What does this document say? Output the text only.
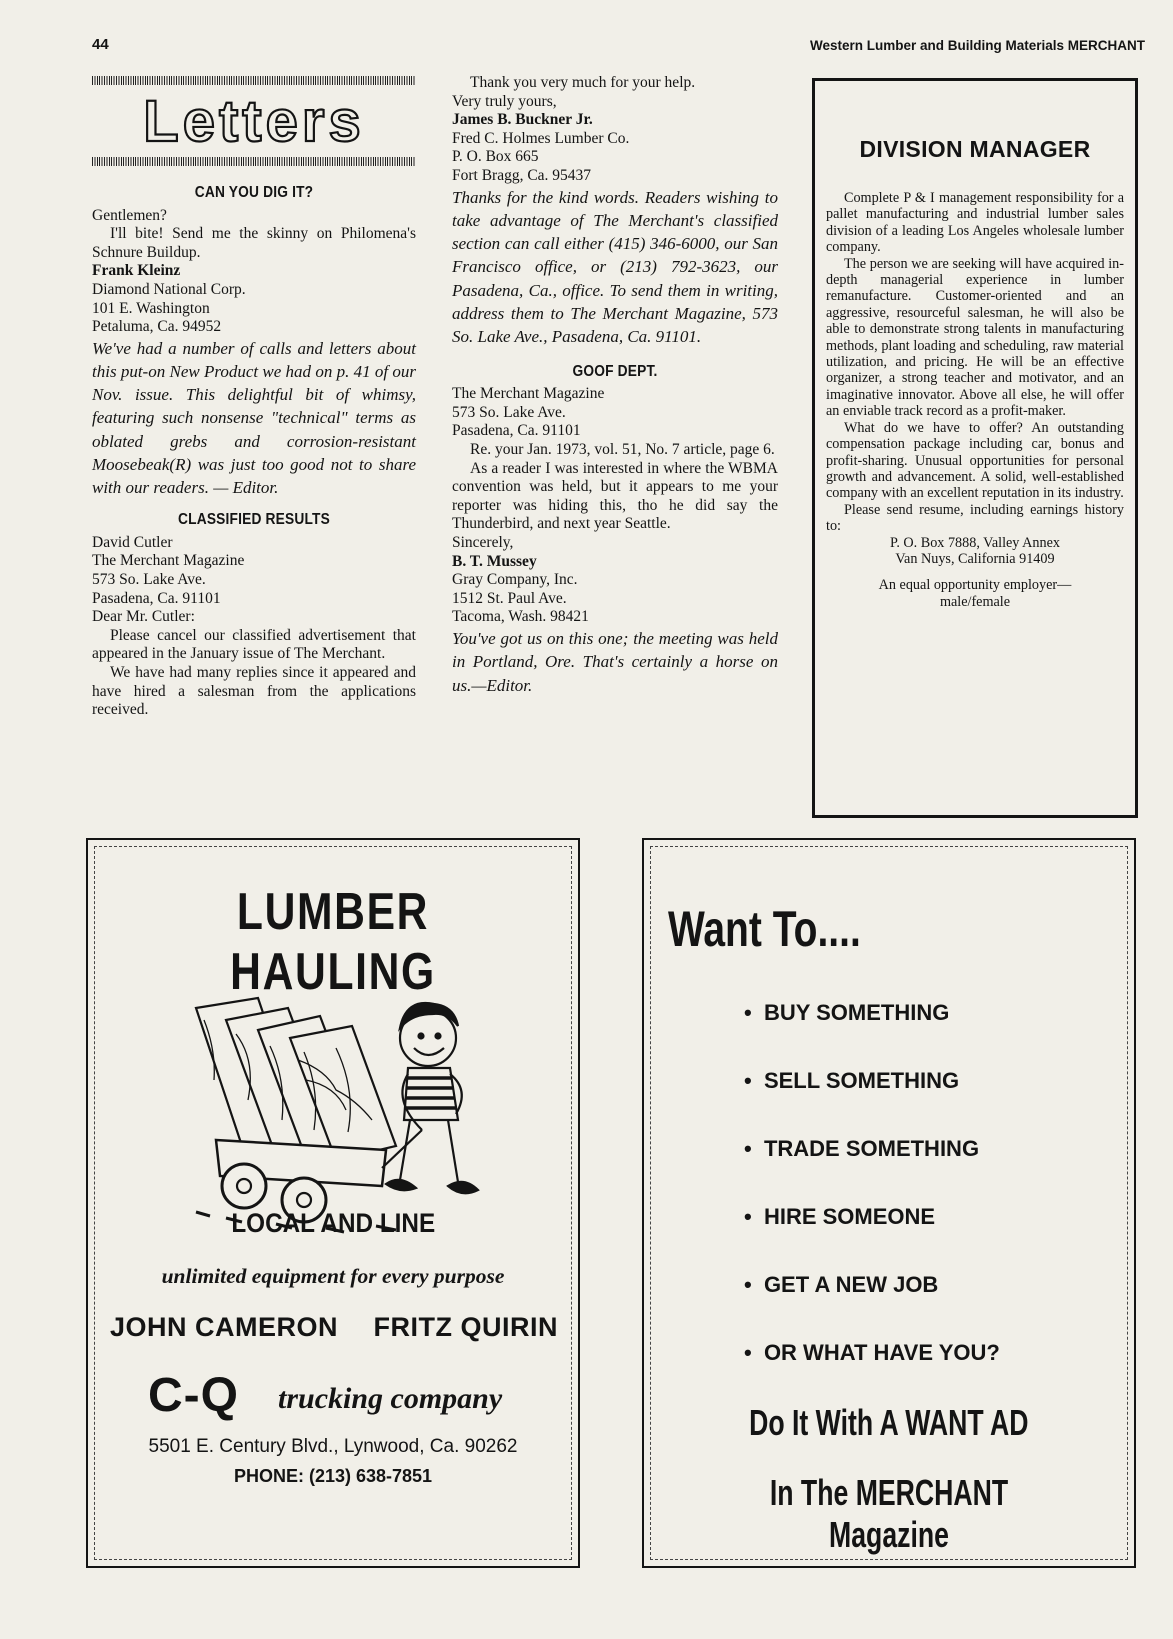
44	Western Lumber and Building Materials MERCHANT
Letters
CAN YOU DIG IT?

Gentlemen?

I'll bite! Send me the skinny on Philomena's Schnure Buildup.

Frank Kleinz

Diamond National Corp.

101 E. Washington

Petaluma, Ca. 94952

We've had a number of calls and letters about this put-on New Product we had on p. 41 of our Nov. issue. This delightful bit of whimsy, featuring such nonsense "technical" terms as oblated grebs and corrosion-resistant Moosebeak(R) was just too good not to share with our readers. — Editor.

CLASSIFIED RESULTS

David Cutler

The Merchant Magazine

573 So. Lake Ave.

Pasadena, Ca. 91101

Dear Mr. Cutler:

Please cancel our classified advertisement that appeared in the January issue of The Merchant.

We have had many replies since it appeared and have hired a salesman from the applications received.

Thank you very much for your help.

Very truly yours,

James B. Buckner Jr.

Fred C. Holmes Lumber Co.

P. O. Box 665

Fort Bragg, Ca. 95437

Thanks for the kind words. Readers wishing to take advantage of The Merchant's classified section can call either (415) 346-6000, our San Francisco office, or (213) 792-3623, our Pasadena, Ca., office. To send them in writing, address them to The Merchant Magazine, 573 So. Lake Ave., Pasadena, Ca. 91101.

GOOF DEPT.

The Merchant Magazine

573 So. Lake Ave.

Pasadena, Ca. 91101

Re. your Jan. 1973, vol. 51, No. 7 article, page 6.

As a reader I was interested in where the WBMA convention was held, but it appears to me your reporter was hiding this, tho he did say the Thunderbird, and next year Seattle.

Sincerely,

B. T. Mussey

Gray Company, Inc.

1512 St. Paul Ave.

Tacoma, Wash. 98421

You've got us on this one; the meeting was held in Portland, Ore. That's certainly a horse on us.—Editor.

DIVISION MANAGER

Complete P & I management responsibility for a pallet manufacturing and industrial lumber sales division of a leading Los Angeles wholesale lumber company.

The person we are seeking will have acquired in-depth managerial experience in lumber remanufacture. Customer-oriented and an aggressive, resourceful salesman, he will also be able to demonstrate strong talents in manufacturing methods, plant loading and scheduling, raw material utilization, and pricing. He will be an effective organizer, a strong teacher and motivator, and an imaginative innovator. Above all else, he will offer an enviable track record as a profit-maker.

What do we have to offer? An outstanding compensation package including car, bonus and profit-sharing. Unusual opportunities for personal growth and advancement. A solid, well-established company with an excellent reputation in its industry.

Please send resume, including earnings history to:

P. O. Box 7888, Valley Annex

Van Nuys, California 91409

An equal opportunity employer—

male/female

LUMBER HAULING
LOCAL AND LINE
unlimited equipment for every purpose
JOHN CAMERON FRITZ QUIRIN
C-Q trucking company
5501 E. Century Blvd., Lynwood, Ca. 90262
PHONE: (213) 638-7851
Want To....
•  BUY SOMETHING
•  SELL SOMETHING
•  TRADE SOMETHING
•  HIRE SOMEONE
•  GET A NEW JOB
•  OR WHAT HAVE YOU?
Do It With A WANT AD
In The MERCHANT Magazine
